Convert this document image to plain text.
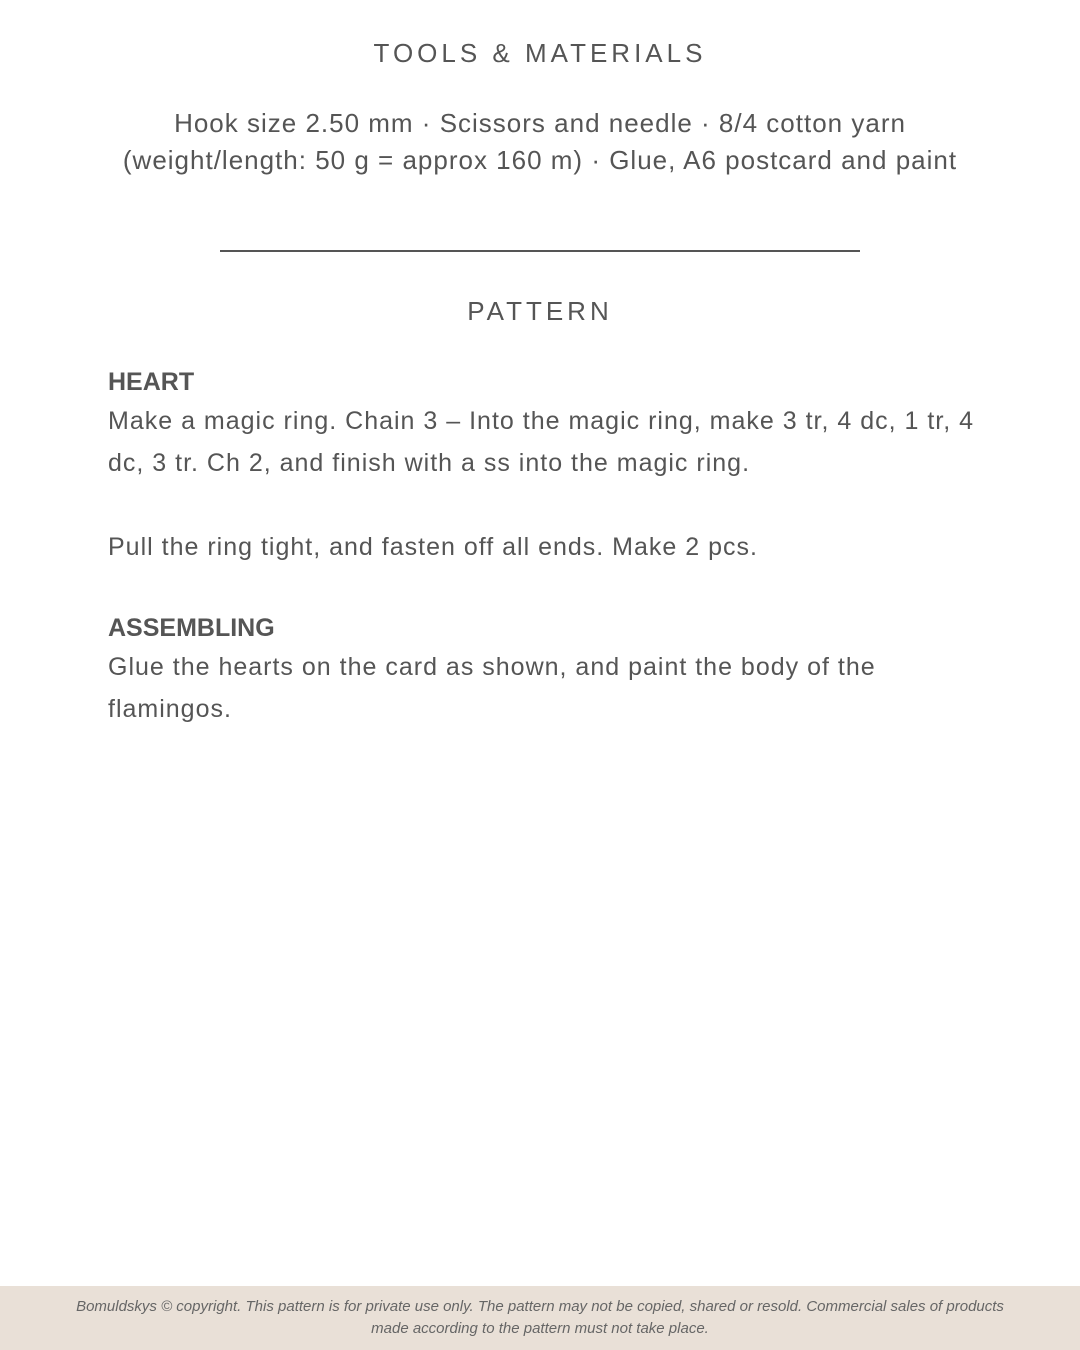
TOOLS & MATERIALS

Hook size 2.50 mm · Scissors and needle · 8/4 cotton yarn
(weight/length: 50 g = approx 160 m) · Glue, A6 postcard and paint

PATTERN
HEART

Make a magic ring. Chain 3 – Into the magic ring, make 3 tr, 4 dc, 1 tr, 4 dc, 3 tr. Ch 2, and finish with a ss into the magic ring.

Pull the ring tight, and fasten off all ends. Make 2 pcs.

ASSEMBLING

Glue the hearts on the card as shown, and paint the body of the flamingos.

Bomuldskys © copyright. This pattern is for private use only. The pattern may not be copied, shared or resold. Commercial sales of products made according to the pattern must not take place.
